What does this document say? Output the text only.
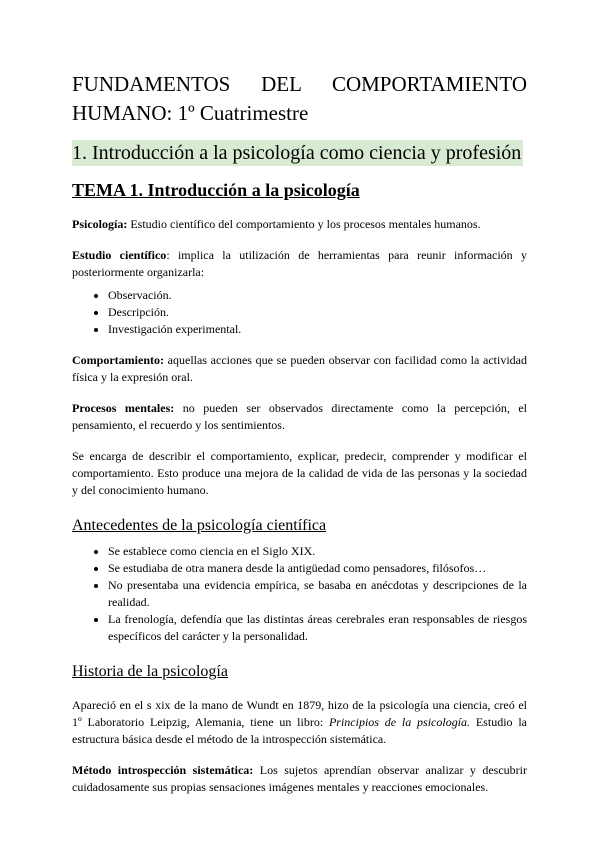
FUNDAMENTOS DEL COMPORTAMIENTO
HUMANO: 1º Cuatrimestre
1. Introducción a la psicología como ciencia y profesión
TEMA 1. Introducción a la psicología

Psicología: Estudio científico del comportamiento y los procesos mentales humanos.

Estudio científico: implica la utilización de herramientas para reunir información y posteriormente organizarla:

• Observación.
• Descripción.
• Investigación experimental.

Comportamiento: aquellas acciones que se pueden observar con facilidad como la actividad física y la expresión oral.

Procesos mentales: no pueden ser observados directamente como la percepción, el pensamiento, el recuerdo y los sentimientos.

Se encarga de describir el comportamiento, explicar, predecir, comprender y modificar el comportamiento. Esto produce una mejora de la calidad de vida de las personas y la sociedad y del conocimiento humano.

Antecedentes de la psicología científica
• Se establece como ciencia en el Siglo XIX.
• Se estudiaba de otra manera desde la antigüedad como pensadores, filósofos…
• No presentaba una evidencia empírica, se basaba en anécdotas y descripciones de la realidad.
• La frenología, defendía que las distintas áreas cerebrales eran responsables de riesgos específicos del carácter y la personalidad.
Historia de la psicología

Apareció en el s xix de la mano de Wundt en 1879, hizo de la psicología una ciencia, creó el 1º Laboratorio Leipzig, Alemania, tiene un libro: Principios de la psicología. Estudio la estructura básica desde el método de la introspección sistemática.

Método introspección sistemática: Los sujetos aprendían observar analizar y descubrir cuidadosamente sus propias sensaciones imágenes mentales y reacciones emocionales.
